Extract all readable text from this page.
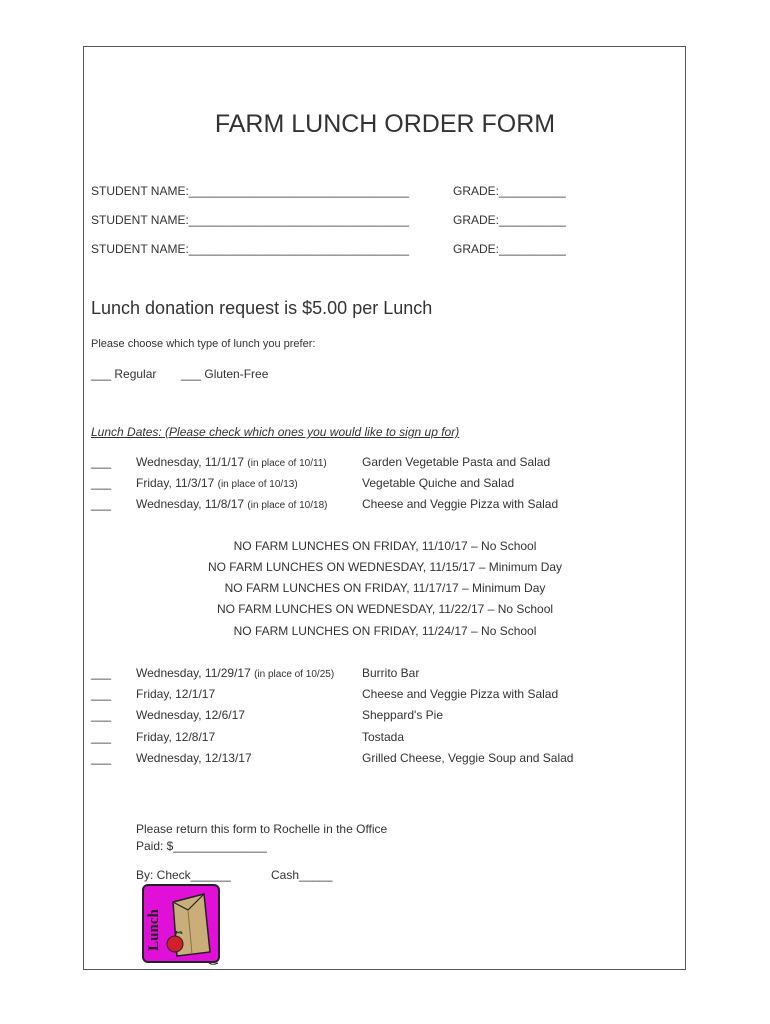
FARM LUNCH ORDER FORM
STUDENT NAME:_________________________________	GRADE:__________
STUDENT NAME:_________________________________	GRADE:__________
STUDENT NAME:_________________________________	GRADE:__________
Lunch donation request is $5.00 per Lunch
Please choose which type of lunch you prefer:
___ Regular ___ Gluten-Free
Lunch Dates: (Please check which ones you would like to sign up for)
___ Wednesday, 11/1/17 (in place of 10/11)	Garden Vegetable Pasta and Salad
___ Friday, 11/3/17 (in place of 10/13)	Vegetable Quiche and Salad
___ Wednesday, 11/8/17 (in place of 10/18)	Cheese and Veggie Pizza with Salad
NO FARM LUNCHES ON FRIDAY, 11/10/17 – No School
NO FARM LUNCHES ON WEDNESDAY, 11/15/17 – Minimum Day
NO FARM LUNCHES ON FRIDAY, 11/17/17 – Minimum Day
NO FARM LUNCHES ON WEDNESDAY, 11/22/17 – No School
NO FARM LUNCHES ON FRIDAY, 11/24/17 – No School
___ Wednesday, 11/29/17 (in place of 10/25) Burrito Bar
___ Friday, 12/1/17	Cheese and Veggie Pizza with Salad
___ Wednesday, 12/6/17	Sheppard's Pie
___ Friday, 12/8/17	Tostada
___ Wednesday, 12/13/17	Grilled Cheese, Veggie Soup and Salad
Please return this form to Rochelle in the Office
Paid: $______________
By: Check______	Cash_____
Lunch
